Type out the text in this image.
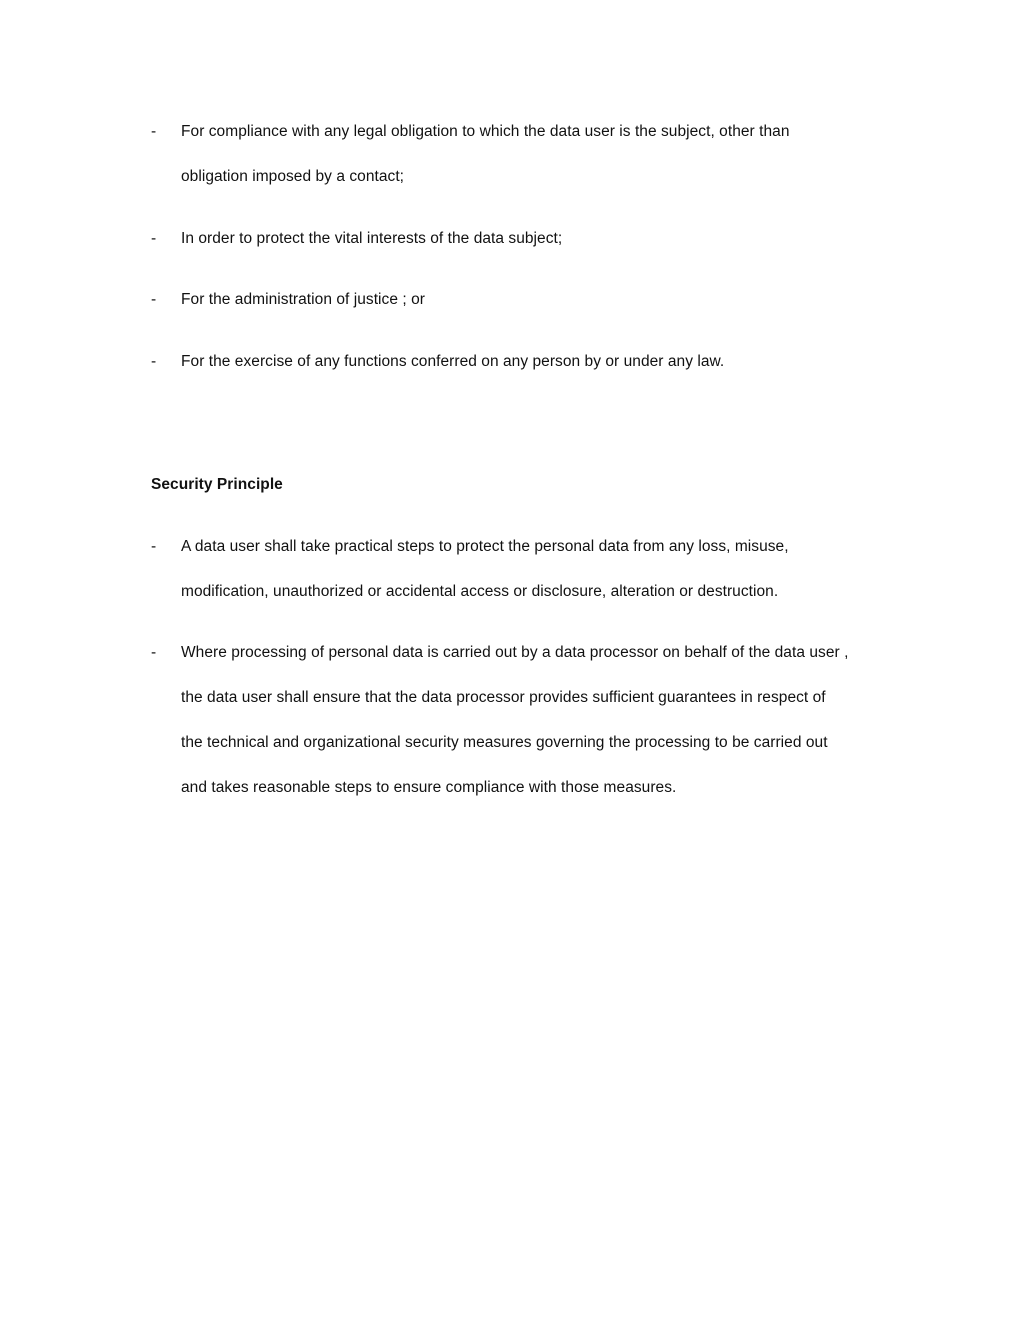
- For compliance with any legal obligation to which the data user is the subject, other than
obligation imposed by a contact;
- In order to protect the vital interests of the data subject;
- For the administration of justice ; or
- For the exercise of any functions conferred on any person by or under any law.
Security Principle
- A data user shall take practical steps to protect the personal data from any loss, misuse,
modification, unauthorized or accidental access or disclosure, alteration or destruction.
- Where processing of personal data is carried out by a data processor on behalf of the data user ,
the data user shall ensure that the data processor provides sufficient guarantees in respect of
the technical and organizational security measures governing the processing to be carried out
and takes reasonable steps to ensure compliance with those measures.
